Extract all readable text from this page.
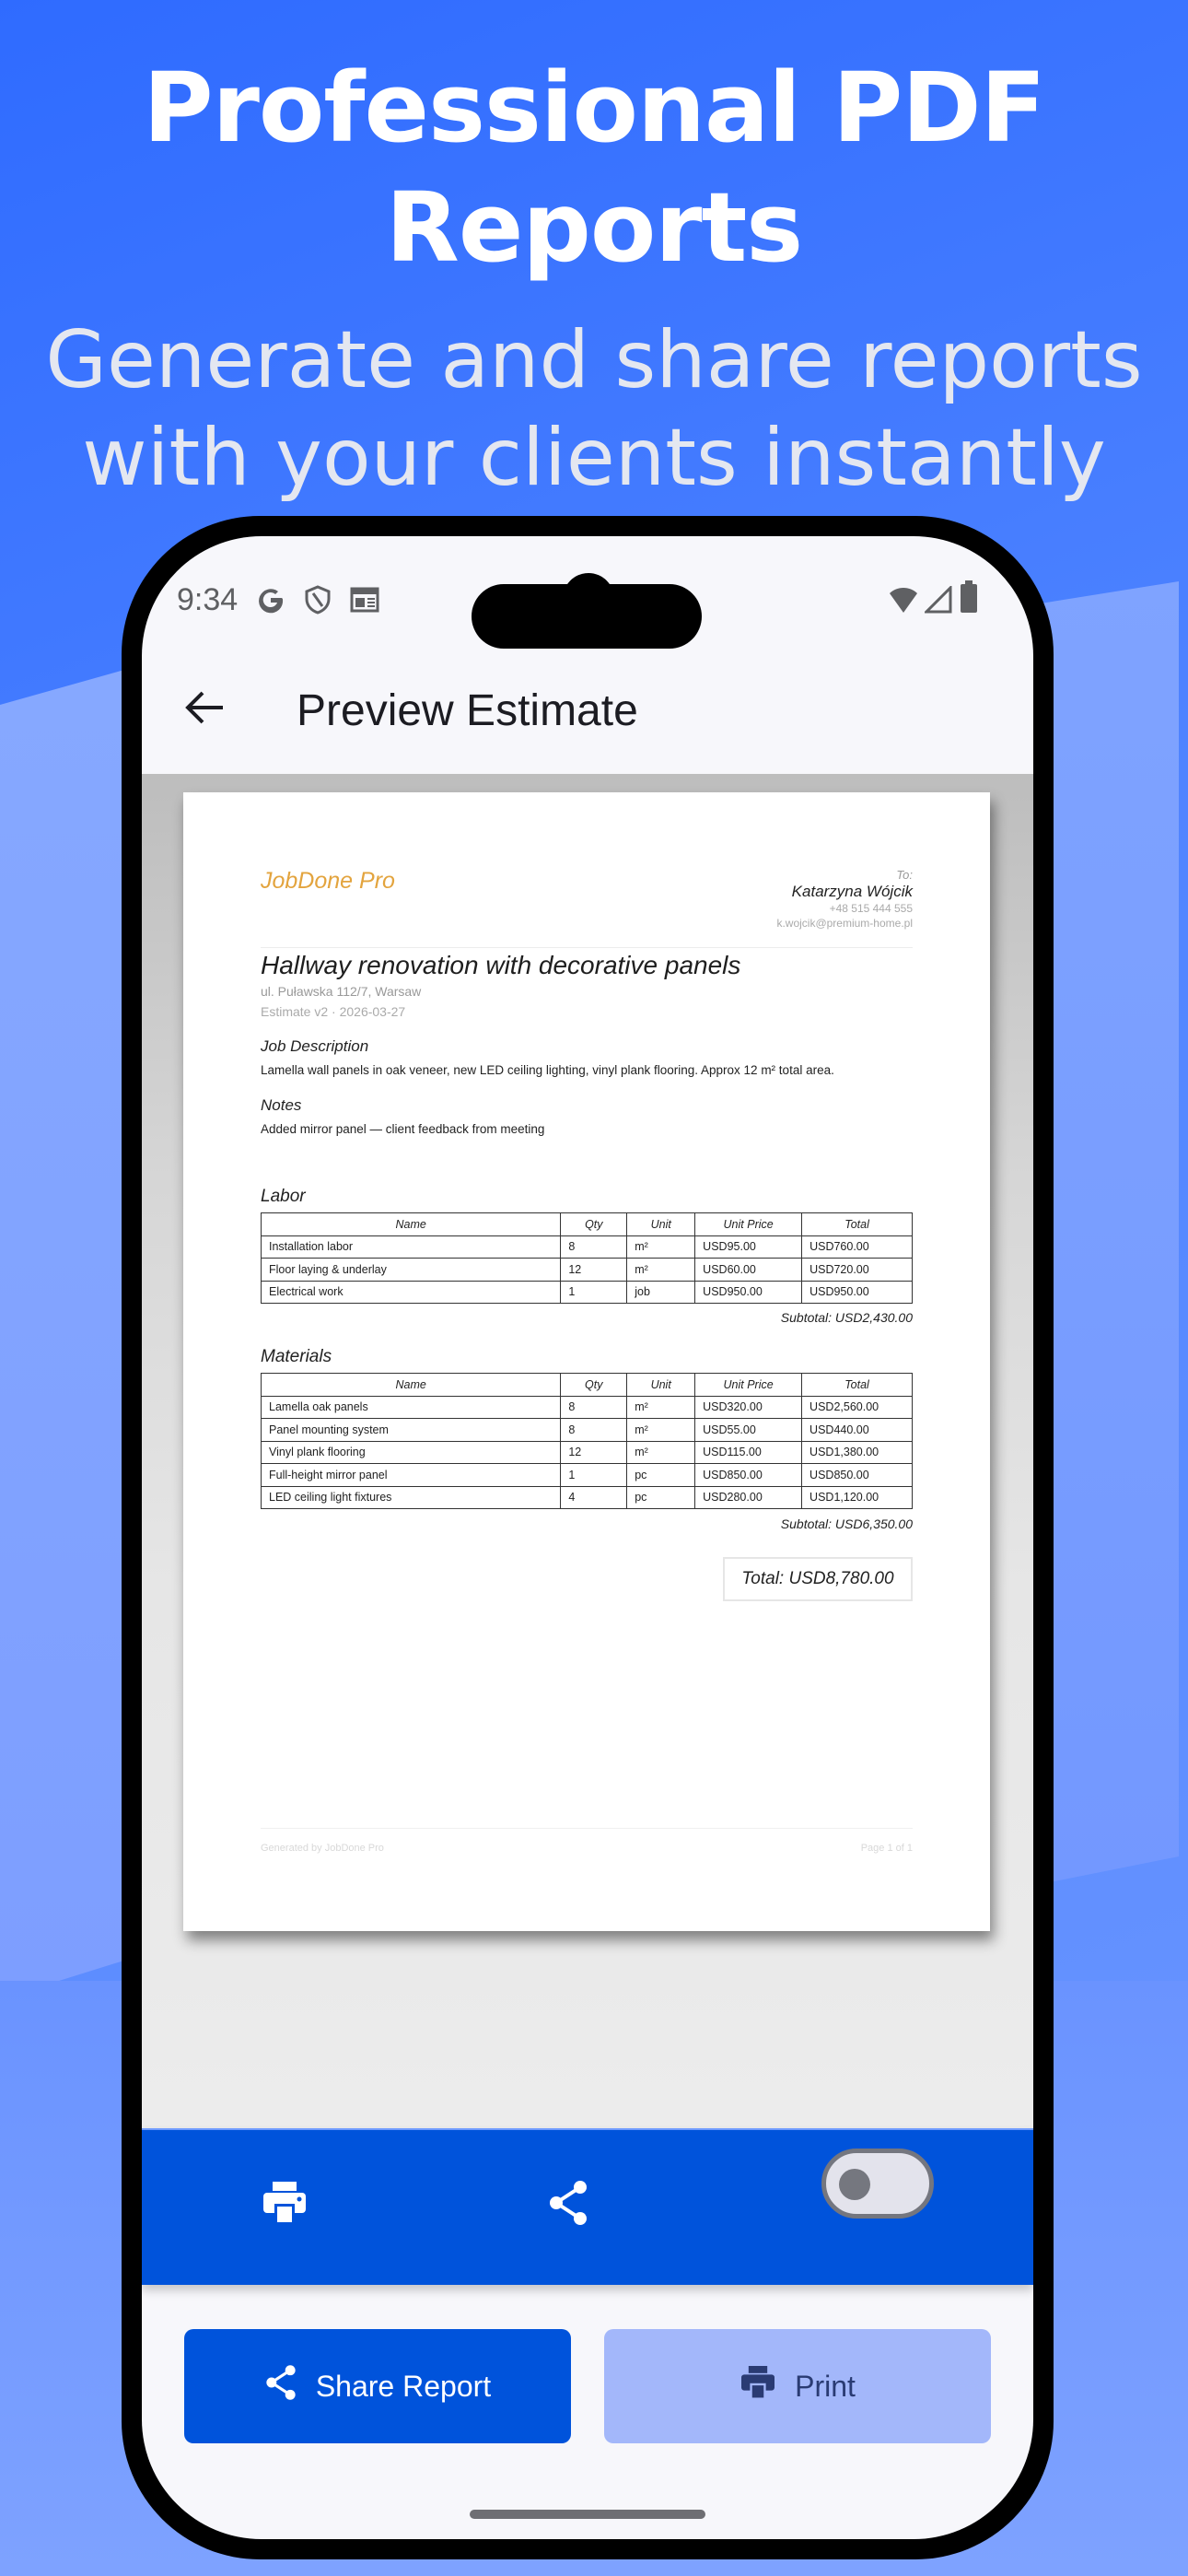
Professional PDF
Reports
Generate and share reports
with your clients instantly
9:34
Preview Estimate
JobDone Pro	To:
Katarzyna Wójcik
+48 515 444 555
k.wojcik@premium-home.pl
Hallway renovation with decorative panels
ul. Puławska 112/7, Warsaw
Estimate v2 · 2026-03-27
Job Description
Lamella wall panels in oak veneer, new LED ceiling lighting, vinyl plank flooring. Approx 12 m² total area.
Notes
Added mirror panel — client feedback from meeting
Labor
Name	Qty	Unit	Unit Price	Total
Installation labor	8	m²	USD95.00	USD760.00
Floor laying & underlay	12	m²	USD60.00	USD720.00
Electrical work	1	job	USD950.00	USD950.00
Subtotal: USD2,430.00
Materials
Name	Qty	Unit	Unit Price	Total
Lamella oak panels	8	m²	USD320.00	USD2,560.00
Panel mounting system	8	m²	USD55.00	USD440.00
Vinyl plank flooring	12	m²	USD115.00	USD1,380.00
Full-height mirror panel	1	pc	USD850.00	USD850.00
LED ceiling light fixtures	4	pc	USD280.00	USD1,120.00
Subtotal: USD6,350.00
Total: USD8,780.00
Generated by JobDone Pro	Page 1 of 1
Share Report	Print
